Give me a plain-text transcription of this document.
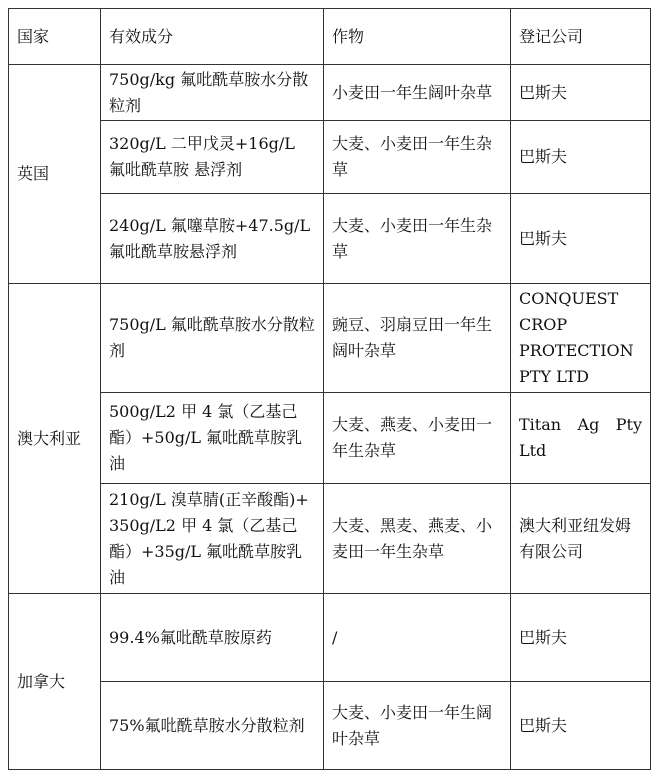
国家	有效成分	作物	登记公司
英国	750g/kg 氟吡酰草胺水分散粒剂	小麦田一年生阔叶杂草	巴斯夫
	320g/L 二甲戊灵+16g/L 氟吡酰草胺 悬浮剂	大麦、小麦田一年生杂草	巴斯夫
	240g/L 氟噻草胺+47.5g/L 氟吡酰草胺悬浮剂	大麦、小麦田一年生杂草	巴斯夫
澳大利亚	750g/L 氟吡酰草胺水分散粒剂	豌豆、羽扇豆田一年生阔叶杂草	CONQUEST CROP PROTECTION PTY LTD
	500g/L2 甲 4 氯（乙基己酯）+50g/L 氟吡酰草胺乳油	大麦、燕麦、小麦田一年生杂草	Titan Ag Pty Ltd
	210g/L 溴草腈(正辛酸酯)+350g/L2 甲 4 氯（乙基己酯）+35g/L 氟吡酰草胺乳油	大麦、黑麦、燕麦、小麦田一年生杂草	澳大利亚纽发姆有限公司
加拿大	99.4%氟吡酰草胺原药	/	巴斯夫
	75%氟吡酰草胺水分散粒剂	大麦、小麦田一年生阔叶杂草	巴斯夫
